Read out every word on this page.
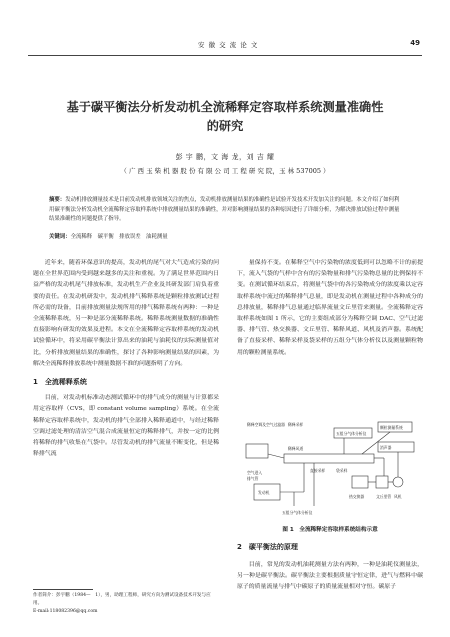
安 徽 交 流 论 文	49
基于碳平衡法分析发动机全流稀释定容取样系统测量准确性
的研究
彭 宇 鹏，文 海 龙，刘 吉 耀
（ 广 西 玉 柴 机 器 股 份 有 限 公 司 工 程 研 究 院，玉 林 537005 ）
摘要：发动机排放测量技术是目前发动机排放领域关注的焦点，发动机排放测量结果的准确性是试验开发技术开发加关注的问题。本文介绍了如何利用碳平衡法分析发动机全流稀释定容取样系统中排放测量结果的准确性，并对影响测量结果的各种原因进行了详细分析，为解决排放试验过程中测量结果准确性的问题提供了指导。
关键词：全流稀释　碳平衡　排放误差　油耗测量

近年来，随着环保意识的提高，发动机的尾气对大气造成污染的问题在全世界范围内受到越来越多的关注和重视。为了满足世界范围内日益严格的发动机尾气排放标准，发动机生产企业及其研发部门肩负着重要的责任。在发动机研发中，发动机排气稀释系统是颗粒排放测试过程所必需的设备，目前排放测量法规所用的排气稀释系统有两种：一种是全流稀释系统，另一种是部分流稀释系统。稀释系统测量数据的准确性直接影响有研发的效果及进程。本文在全流稀释定容取样系统的发动机试验循环中，将采用碳平衡法计算出来的油耗与油耗仪的实际测量值对比，分析排放测量结果的准确性，探讨了各种影响测量结果的因素，为解决全流稀释排放系统中测量数据不准的问题指明了方向。

1　全流稀释系统

目前，对发动机标准动态测试循环中的排气成分的测量与计算都采用定容取样（CVS，即 constant volume sampling）系统。在全流稀释定容取样系统中，发动机的排气全部排入稀释通道中，与经过稀释空调过滤处理的清洁空气混合成流量恒定的稀释排气，并按一定的比例将稀释的排气收集在气袋中。尽管发动机的排气流量不断变化，但是稀释排气流

作者简介：彭宇鹏（1984—　1），男，助理工程师，研究方向为测试设备技术开发与应用。
E-mail:118082396@qq.com

量保持不变。在稀释空气中污染物的浓度低到可以忽略不计的前提下，流入气袋的气样中含有的污染物量和排气污染物总量的比例保持不变。在测试循环结束后，将测量气袋中的各污染物成分的浓度乘以定容取样系统中流过的稀释排气总量，即是发动机在测量过程中各种成分的总排放量，稀释排气总量通过临界流量文丘里管来测量。全流稀释定容取样系统如图 1 所示，它的主要组成部分为稀释空调 DAC、空气过滤器、排气管、热交换器、文丘里管、稀释风道、风机及消声器。系统配备了直接采样、稀释采样及袋采样的五组分气体分析仪以及测量颗粒物用的颗粒测量系统。

稀释空调及空气过滤器 稀释采样
五组分气体分析仪
颗粒测量系统
稀释风道	消声器
直接采样	袋采样
空气进入
排气管
发动机
热交换器	文丘里管 风机
五组分气体分析仪
图 1　全流稀释定容取样系统结构示意
2　碳平衡法的原理

目前，常见的发动机油耗测量方法有两种，一种是油耗仪测量法，另一种是碳平衡法。碳平衡法主要根据质量守恒定律，进气与燃料中碳原子的质量流量与排气中碳原子的质量流量相对守恒。碳原子
